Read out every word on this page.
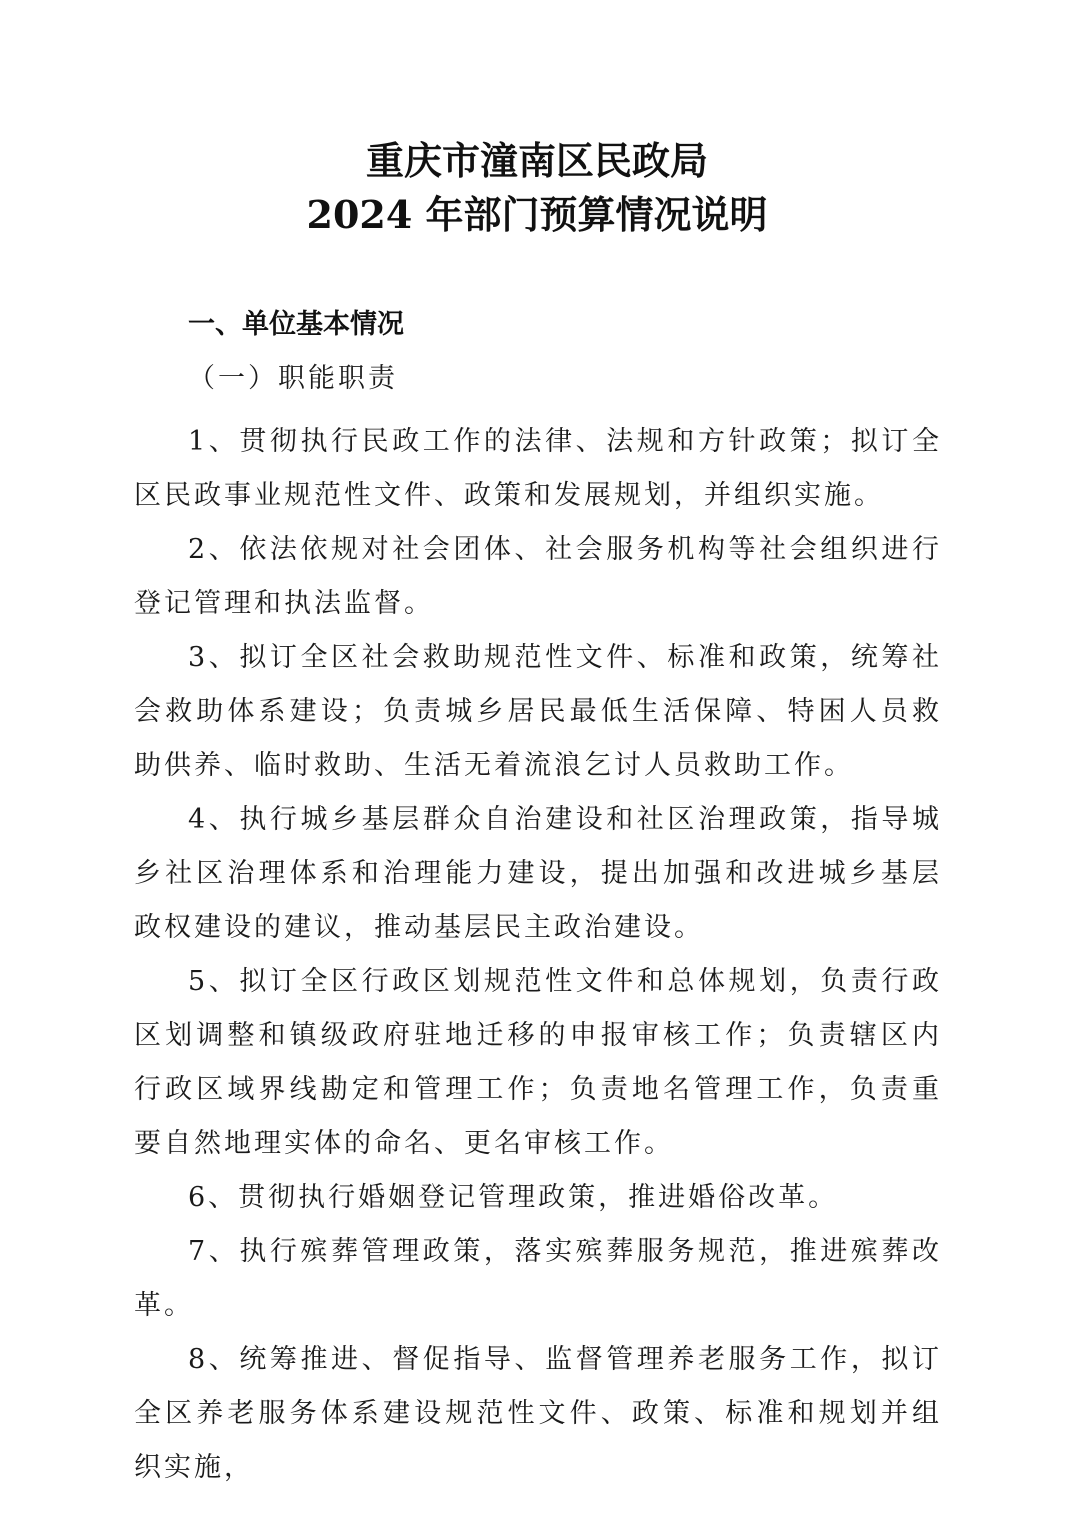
重庆市潼南区民政局
2024 年部门预算情况说明
一、单位基本情况
（一）职能职责

1、贯彻执行民政工作的法律、法规和方针政策；拟订全区民政事业规范性文件、政策和发展规划，并组织实施。

2、依法依规对社会团体、社会服务机构等社会组织进行登记管理和执法监督。

3、拟订全区社会救助规范性文件、标准和政策，统筹社会救助体系建设；负责城乡居民最低生活保障、特困人员救助供养、临时救助、生活无着流浪乞讨人员救助工作。

4、执行城乡基层群众自治建设和社区治理政策，指导城乡社区治理体系和治理能力建设，提出加强和改进城乡基层政权建设的建议，推动基层民主政治建设。

5、拟订全区行政区划规范性文件和总体规划，负责行政区划调整和镇级政府驻地迁移的申报审核工作；负责辖区内行政区域界线勘定和管理工作；负责地名管理工作，负责重要自然地理实体的命名、更名审核工作。

6、贯彻执行婚姻登记管理政策，推进婚俗改革。

7、执行殡葬管理政策，落实殡葬服务规范，推进殡葬改革。

8、统筹推进、督促指导、监督管理养老服务工作，拟订全区养老服务体系建设规范性文件、政策、标准和规划并组织实施，
